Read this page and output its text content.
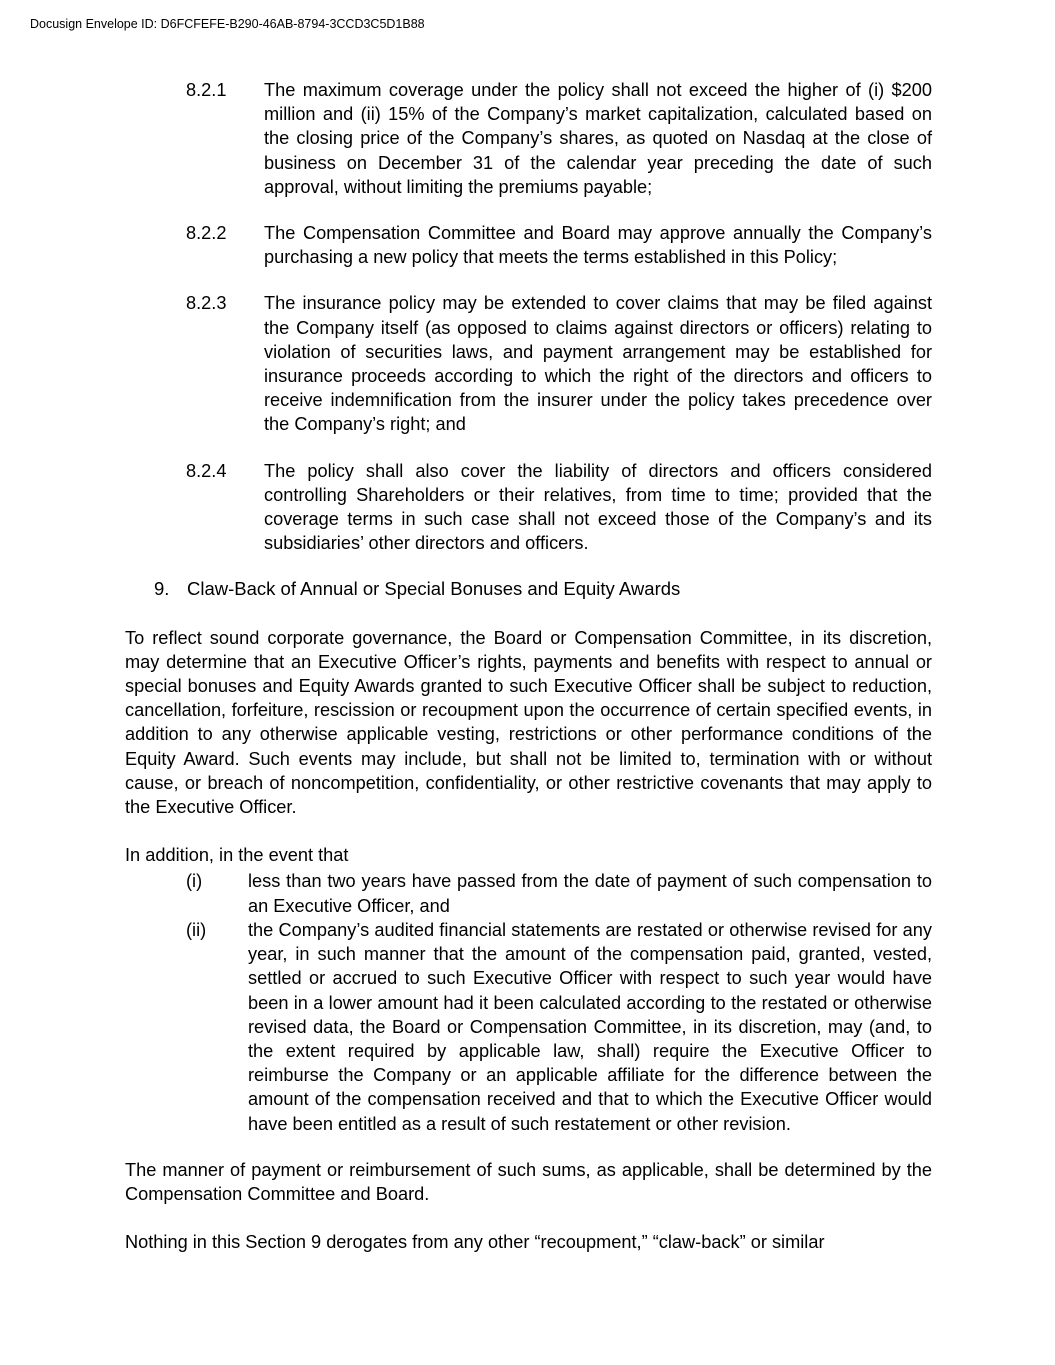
Docusign Envelope ID: D6FCFEFE-B290-46AB-8794-3CCD3C5D1B88
8.2.1	The maximum coverage under the policy shall not exceed the higher of (i) $200 million and (ii) 15% of the Company’s market capitalization, calculated based on the closing price of the Company’s shares, as quoted on Nasdaq at the close of business on December 31 of the calendar year preceding the date of such approval, without limiting the premiums payable;
8.2.2	The Compensation Committee and Board may approve annually the Company’s purchasing a new policy that meets the terms established in this Policy;
8.2.3	The insurance policy may be extended to cover claims that may be filed against the Company itself (as opposed to claims against directors or officers) relating to violation of securities laws, and payment arrangement may be established for insurance proceeds according to which the right of the directors and officers to receive indemnification from the insurer under the policy takes precedence over the Company’s right; and
8.2.4	The policy shall also cover the liability of directors and officers considered controlling Shareholders or their relatives, from time to time; provided that the coverage terms in such case shall not exceed those of the Company’s and its subsidiaries’ other directors and officers.
9. Claw-Back of Annual or Special Bonuses and Equity Awards
To reflect sound corporate governance, the Board or Compensation Committee, in its discretion, may determine that an Executive Officer’s rights, payments and benefits with respect to annual or special bonuses and Equity Awards granted to such Executive Officer shall be subject to reduction, cancellation, forfeiture, rescission or recoupment upon the occurrence of certain specified events, in addition to any otherwise applicable vesting, restrictions or other performance conditions of the Equity Award. Such events may include, but shall not be limited to, termination with or without cause, or breach of noncompetition, confidentiality, or other restrictive covenants that may apply to the Executive Officer.
In addition, in the event that
(i)	less than two years have passed from the date of payment of such compensation to an Executive Officer, and
(ii)	the Company’s audited financial statements are restated or otherwise revised for any year, in such manner that the amount of the compensation paid, granted, vested, settled or accrued to such Executive Officer with respect to such year would have been in a lower amount had it been calculated according to the restated or otherwise revised data, the Board or Compensation Committee, in its discretion, may (and, to the extent required by applicable law, shall) require the Executive Officer to reimburse the Company or an applicable affiliate for the difference between the amount of the compensation received and that to which the Executive Officer would have been entitled as a result of such restatement or other revision.
The manner of payment or reimbursement of such sums, as applicable, shall be determined by the Compensation Committee and Board.
Nothing in this Section 9 derogates from any other “recoupment,” “claw-back” or similar
